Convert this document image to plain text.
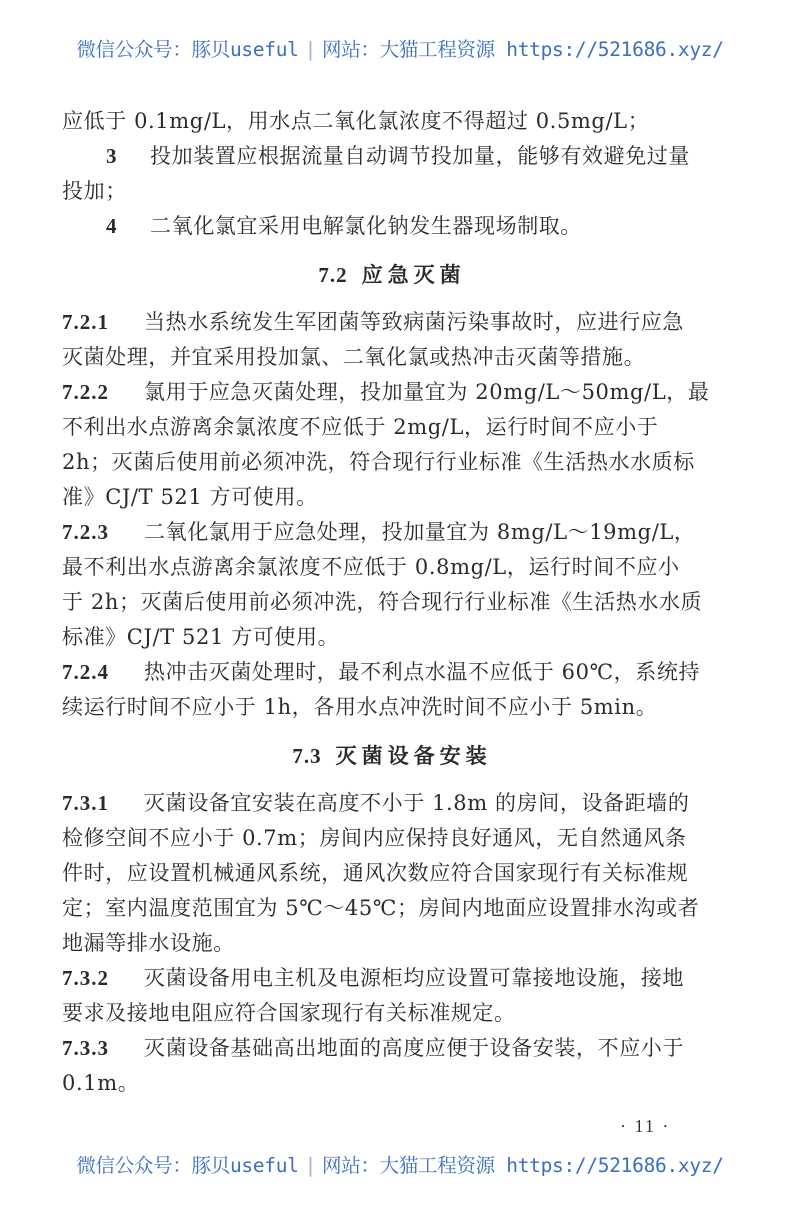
微信公众号：豚贝useful | 网站：大猫工程资源 https://521686.xyz/
应低于 0.1mg/L，用水点二氧化氯浓度不得超过 0.5mg/L；
3 投加装置应根据流量自动调节投加量，能够有效避免过量
投加；
4 二氧化氯宜采用电解氯化钠发生器现场制取。
7.2 应急灭菌
7.2.1 当热水系统发生军团菌等致病菌污染事故时，应进行应急
灭菌处理，并宜采用投加氯、二氧化氯或热冲击灭菌等措施。
7.2.2 氯用于应急灭菌处理，投加量宜为 20mg/L～50mg/L，最
不利出水点游离余氯浓度不应低于 2mg/L，运行时间不应小于
2h；灭菌后使用前必须冲洗，符合现行行业标准《生活热水水质标
准》CJ/T 521 方可使用。
7.2.3 二氧化氯用于应急处理，投加量宜为 8mg/L～19mg/L，
最不利出水点游离余氯浓度不应低于 0.8mg/L，运行时间不应小
于 2h；灭菌后使用前必须冲洗，符合现行行业标准《生活热水水质
标准》CJ/T 521 方可使用。
7.2.4 热冲击灭菌处理时，最不利点水温不应低于 60℃，系统持
续运行时间不应小于 1h，各用水点冲洗时间不应小于 5min。
7.3 灭菌设备安装
7.3.1 灭菌设备宜安装在高度不小于 1.8m 的房间，设备距墙的
检修空间不应小于 0.7m；房间内应保持良好通风，无自然通风条
件时，应设置机械通风系统，通风次数应符合国家现行有关标准规
定；室内温度范围宜为 5℃～45℃；房间内地面应设置排水沟或者
地漏等排水设施。
7.3.2 灭菌设备用电主机及电源柜均应设置可靠接地设施，接地
要求及接地电阻应符合国家现行有关标准规定。
7.3.3 灭菌设备基础高出地面的高度应便于设备安装，不应小于
0.1m。
· 11 ·
微信公众号：豚贝useful | 网站：大猫工程资源 https://521686.xyz/
